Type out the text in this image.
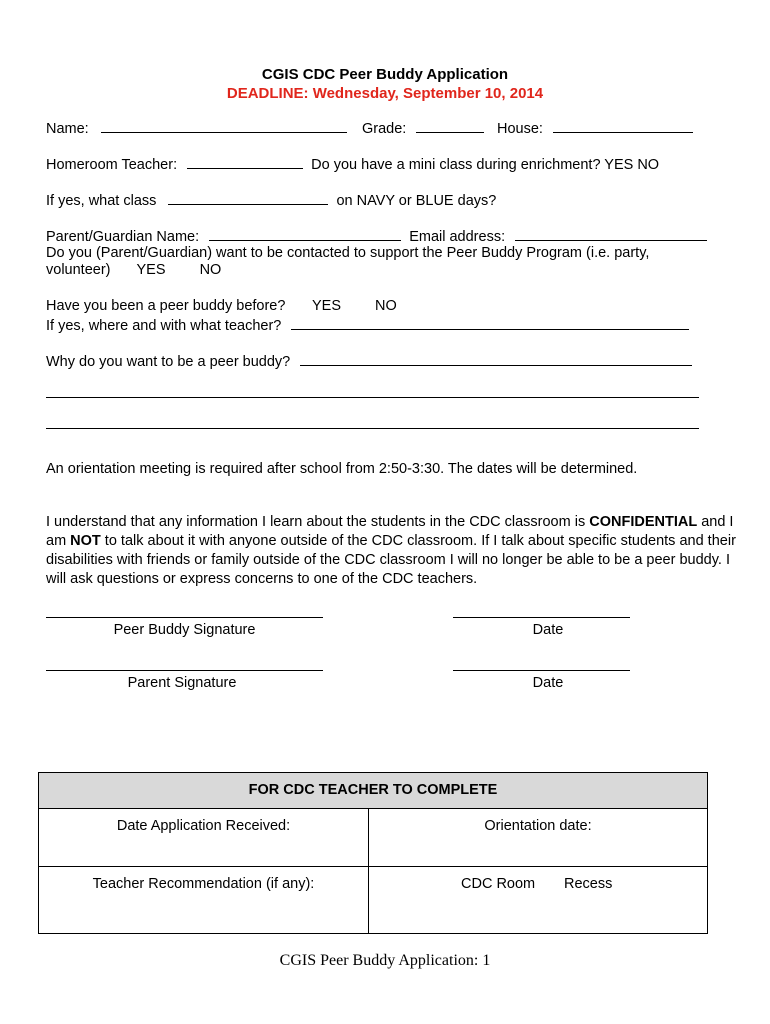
CGIS CDC Peer Buddy Application
DEADLINE: Wednesday, September 10, 2014
Name:	Grade:	House:
Homeroom Teacher:	Do you have a mini class during enrichment? YES NO
If yes, what class	on NAVY or BLUE days?
Parent/Guardian Name:	Email address:
Do you (Parent/Guardian) want to be contacted to support the Peer Buddy Program (i.e. party,
volunteer) YES NO
Have you been a peer buddy before? YES NO
If yes, where and with what teacher?
Why do you want to be a peer buddy?
An orientation meeting is required after school from 2:50-3:30. The dates will be determined.
I understand that any information I learn about the students in the CDC classroom is CONFIDENTIAL and I am NOT to talk about it with anyone outside of the CDC classroom. If I talk about specific students and their disabilities with friends or family outside of the CDC classroom I will no longer be able to be a peer buddy. I will ask questions or express concerns to one of the CDC teachers.
Peer Buddy Signature	Date
Parent Signature	Date
FOR CDC TEACHER TO COMPLETE
Date Application Received:	Orientation date:
Teacher Recommendation (if any):	CDC Room Recess
CGIS Peer Buddy Application: 1
